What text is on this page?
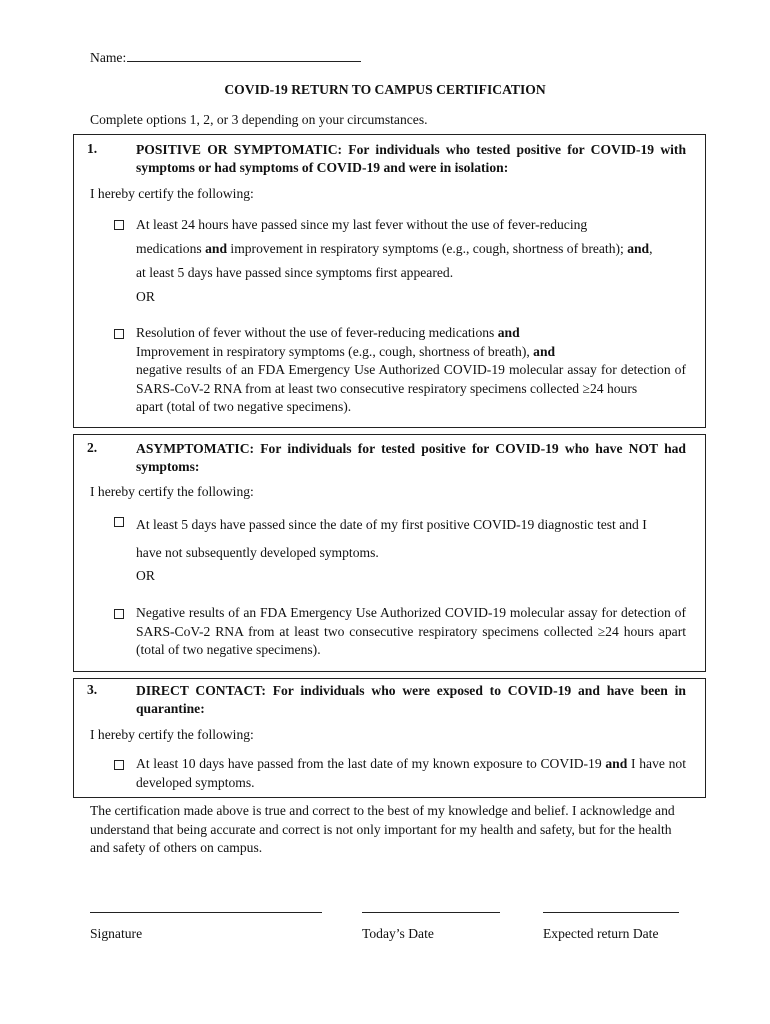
Name:
COVID-19 RETURN TO CAMPUS CERTIFICATION
Complete options 1, 2, or 3 depending on your circumstances.
1.	POSITIVE OR SYMPTOMATIC: For individuals who tested positive for COVID-19 with symptoms or had symptoms of COVID-19 and were in isolation:
I hereby certify the following:
At least 24 hours have passed since my last fever without the use of fever-reducing
medications and improvement in respiratory symptoms (e.g., cough, shortness of breath); and,
at least 5 days have passed since symptoms first appeared.
OR
Resolution of fever without the use of fever-reducing medications and
Improvement in respiratory symptoms (e.g., cough, shortness of breath), and
negative results of an FDA Emergency Use Authorized COVID-19 molecular assay for detection of
SARS-CoV-2 RNA from at least two consecutive respiratory specimens collected ≥24 hours
apart (total of two negative specimens).
2.	ASYMPTOMATIC: For individuals for tested positive for COVID-19 who have NOT had symptoms:
I hereby certify the following:
At least 5 days have passed since the date of my first positive COVID-19 diagnostic test and I
have not subsequently developed symptoms.
OR
Negative results of an FDA Emergency Use Authorized COVID-19 molecular assay for detection of SARS-CoV-2 RNA from at least two consecutive respiratory specimens collected ≥24 hours apart (total of two negative specimens).
3.	DIRECT CONTACT: For individuals who were exposed to COVID-19 and have been in quarantine:
I hereby certify the following:
At least 10 days have passed from the last date of my known exposure to COVID-19 and I have not developed symptoms.
The certification made above is true and correct to the best of my knowledge and belief. I acknowledge and understand that being accurate and correct is not only important for my health and safety, but for the health and safety of others on campus.
Signature	Today’s Date	Expected return Date
